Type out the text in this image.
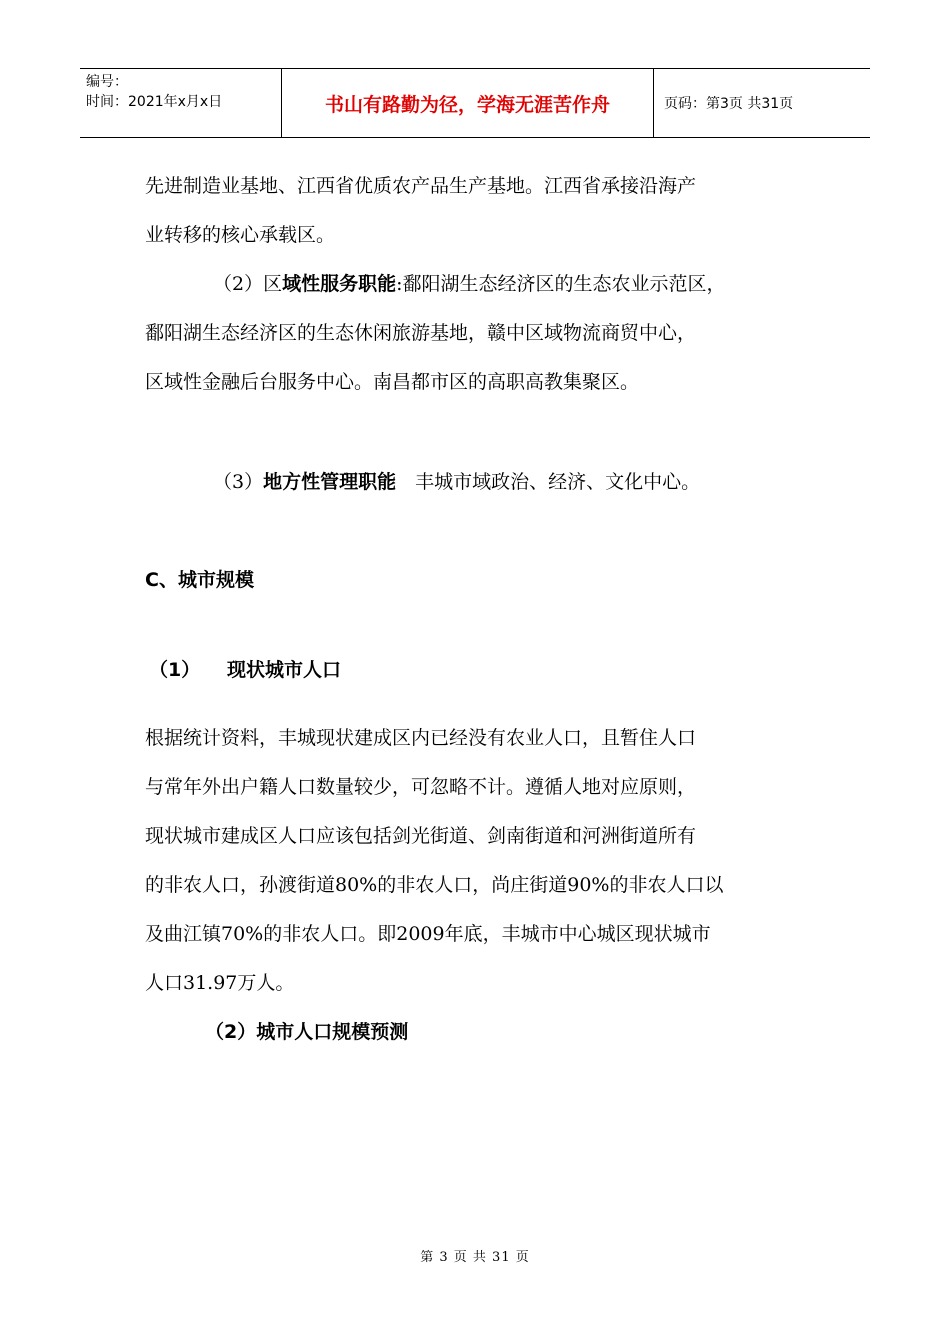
编号：
时间：2021年x月x日	书山有路勤为径，学海无涯苦作舟	页码：第3页 共31页

先进制造业基地、江西省优质农产品生产基地。江西省承接沿海产

业转移的核心承载区。

（2）区域性服务职能:鄱阳湖生态经济区的生态农业示范区，

鄱阳湖生态经济区的生态休闲旅游基地，赣中区域物流商贸中心，

区域性金融后台服务中心。南昌都市区的高职高教集聚区。

（3）地方性管理职能　丰城市域政治、经济、文化中心。

C、城市规模

（1） 现状城市人口

根据统计资料，丰城现状建成区内已经没有农业人口，且暂住人口

与常年外出户籍人口数量较少，可忽略不计。遵循人地对应原则，

现状城市建成区人口应该包括剑光街道、剑南街道和河洲街道所有

的非农人口，孙渡街道80%的非农人口，尚庄街道90%的非农人口以

及曲江镇70%的非农人口。即2009年底，丰城市中心城区现状城市

人口31.97万人。

（2）城市人口规模预测

第 3 页 共 31 页
